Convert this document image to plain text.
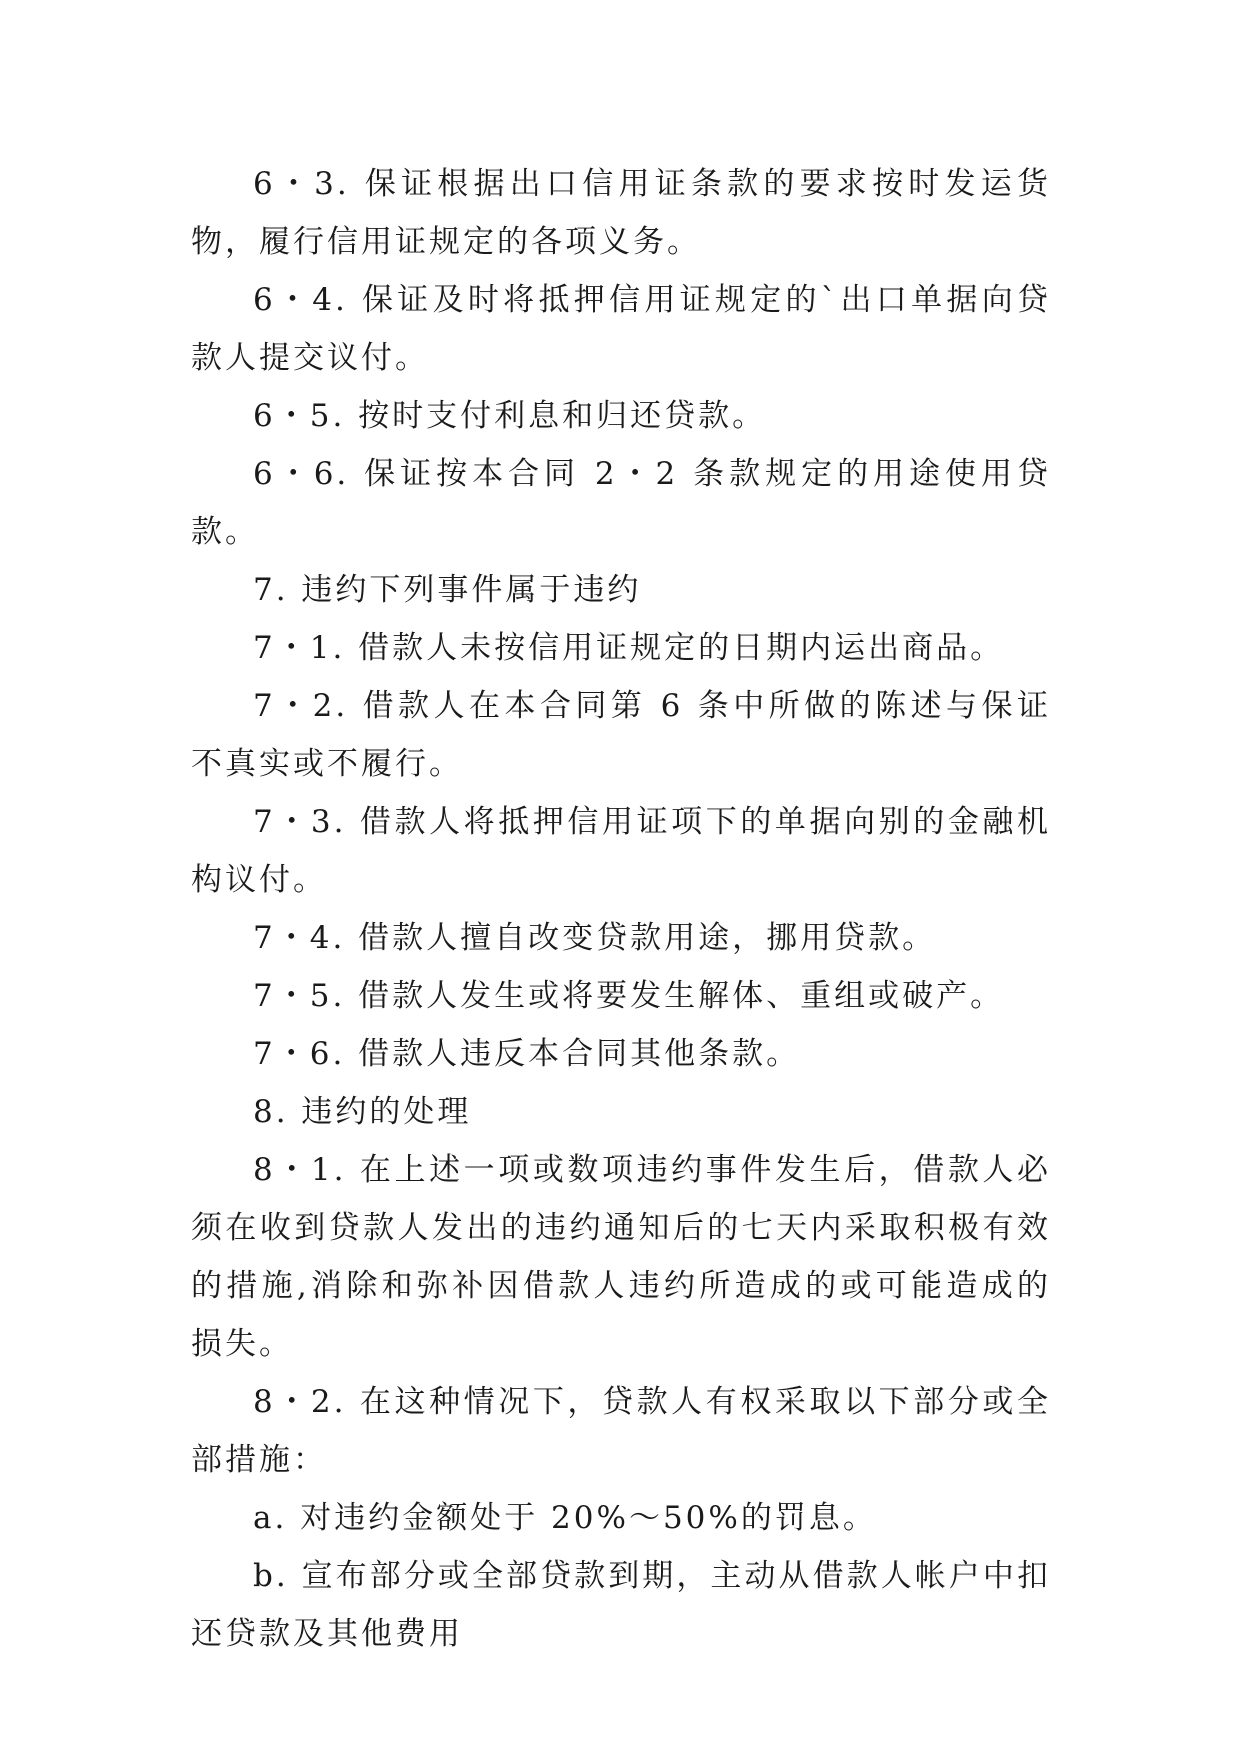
6・3. 保证根据出口信用证条款的要求按时发运货物，履行信用证规定的各项义务。

6・4. 保证及时将抵押信用证规定的`出口单据向贷款人提交议付。

6・5. 按时支付利息和归还贷款。

6・6. 保证按本合同 2・2 条款规定的用途使用贷款。

7. 违约下列事件属于违约

7・1. 借款人未按信用证规定的日期内运出商品。

7・2. 借款人在本合同第 6 条中所做的陈述与保证不真实或不履行。

7・3. 借款人将抵押信用证项下的单据向别的金融机构议付。

7・4. 借款人擅自改变贷款用途，挪用贷款。

7・5. 借款人发生或将要发生解体、重组或破产。

7・6. 借款人违反本合同其他条款。

8. 违约的处理

8・1. 在上述一项或数项违约事件发生后，借款人必须在收到贷款人发出的违约通知后的七天内采取积极有效的措施,消除和弥补因借款人违约所造成的或可能造成的损失。

8・2. 在这种情况下，贷款人有权采取以下部分或全部措施：

a. 对违约金额处于 20%～50%的罚息。

b. 宣布部分或全部贷款到期，主动从借款人帐户中扣还贷款及其他费用
